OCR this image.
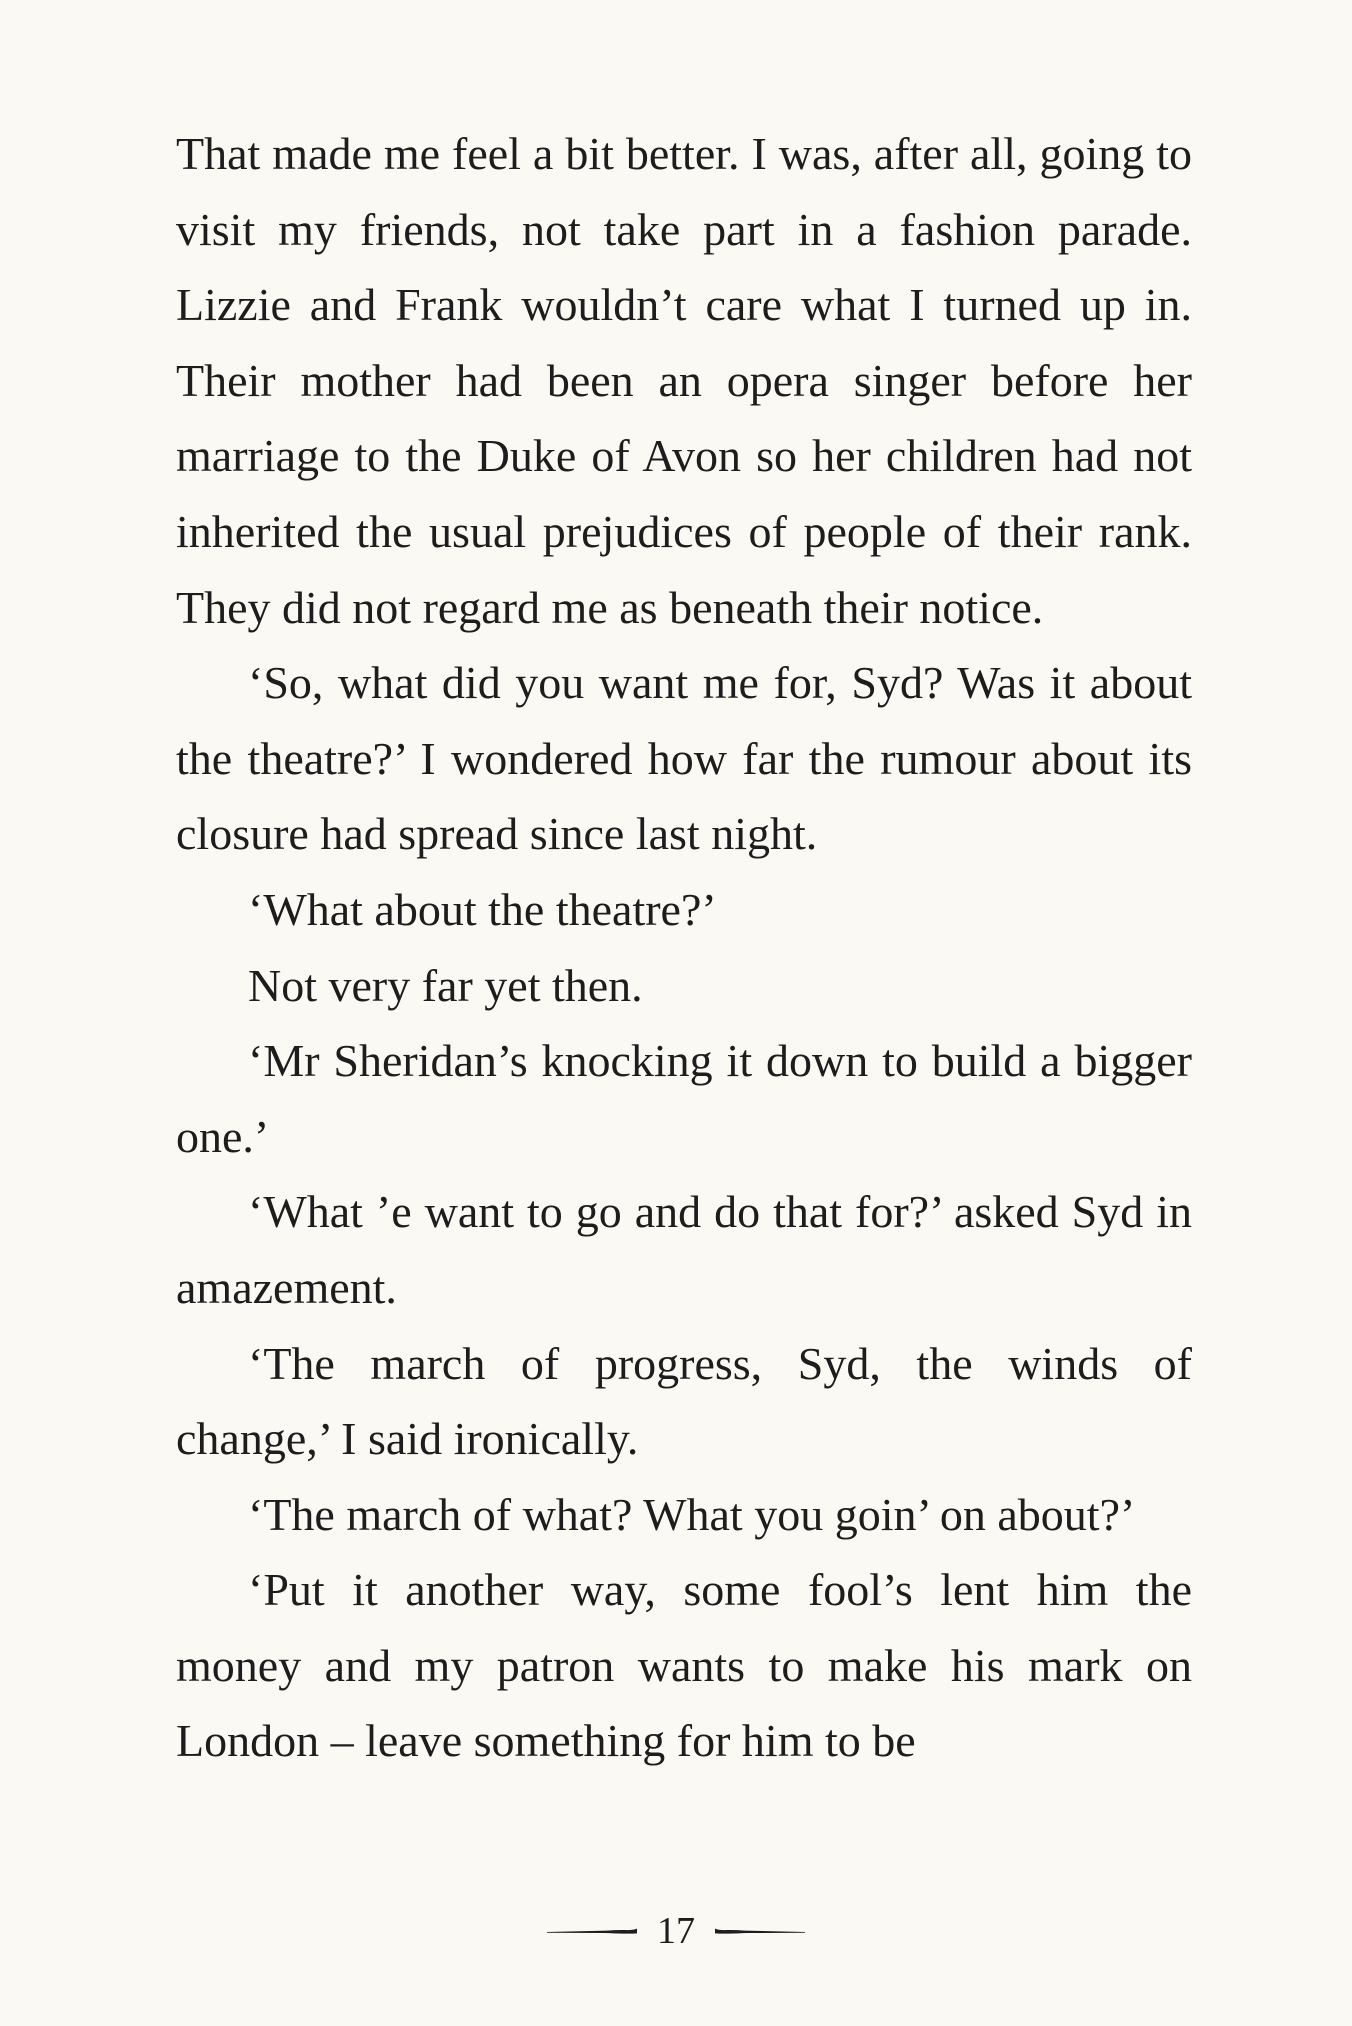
That made me feel a bit better. I was, after all, going to visit my friends, not take part in a fashion parade. Lizzie and Frank wouldn’t care what I turned up in. Their mother had been an opera singer before her marriage to the Duke of Avon so her children had not inherited the usual prejudices of people of their rank. They did not regard me as beneath their notice.

‘So, what did you want me for, Syd? Was it about the theatre?’ I wondered how far the rumour about its closure had spread since last night.

‘What about the theatre?’

Not very far yet then.

‘Mr Sheridan’s knocking it down to build a bigger one.’

‘What ’e want to go and do that for?’ asked Syd in amazement.

‘The march of progress, Syd, the winds of change,’ I said ironically.

‘The march of what? What you goin’ on about?’

‘Put it another way, some fool’s lent him the money and my patron wants to make his mark on London – leave something for him to be

17
